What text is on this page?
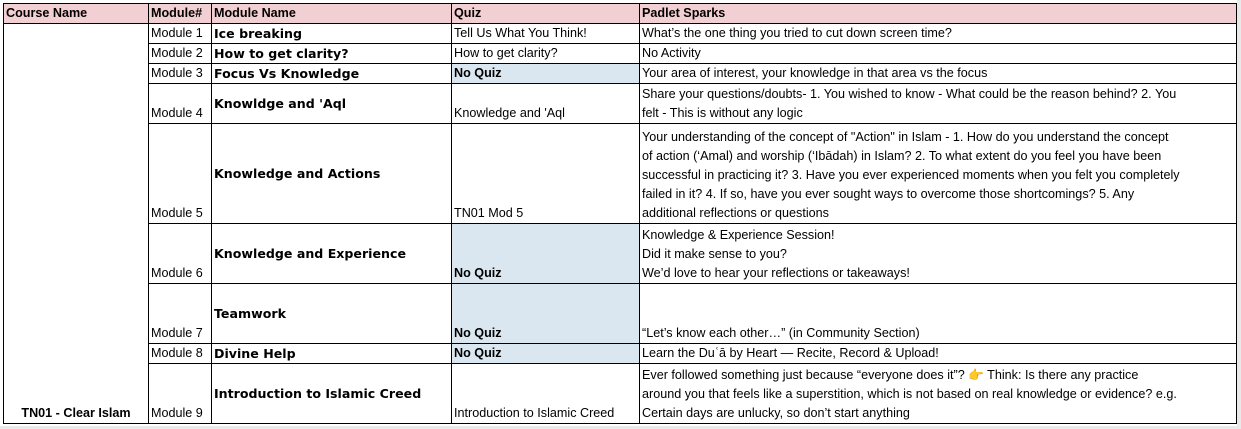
Course Name	Module#	Module Name	Quiz	Padlet Sparks
TN01 - Clear Islam	Module 1	Ice breaking	Tell Us What You Think!	What’s the one thing you tried to cut down screen time?

	Module 2	How to get clarity?	How to get clarity?	No Activity

	Module 3	Focus Vs Knowledge	No Quiz	Your area of interest, your knowledge in that area vs the focus

	Module 4	Knowldge and 'Aql	Knowledge and 'Aql	Share your questions/doubts- 1. You wished to know - What could be the reason behind? 2. You
felt - This is without any logic

	Module 5	Knowledge and Actions	TN01 Mod 5	Your understanding of the concept of "Action" in Islam - 1. How do you understand the concept
of action (‘Amal) and worship (‘Ibādah) in Islam? 2. To what extent do you feel you have been
successful in practicing it? 3. Have you ever experienced moments when you felt you completely
failed in it? 4. If so, have you ever sought ways to overcome those shortcomings? 5. Any
additional reflections or questions

	Module 6	Knowledge and Experience	No Quiz	Knowledge & Experience Session!
Did it make sense to you?
We’d love to hear your reflections or takeaways!

	Module 7	Teamwork	No Quiz	“Let’s know each other…” (in Community Section)

	Module 8	Divine Help	No Quiz	Learn the Duʿā by Heart — Recite, Record & Upload!

	Module 9	Introduction to Islamic Creed	Introduction to Islamic Creed	Ever followed something just because “everyone does it”? 👉 Think: Is there any practice
around you that feels like a superstition, which is not based on real knowledge or evidence? e.g.
Certain days are unlucky, so don’t start anything
